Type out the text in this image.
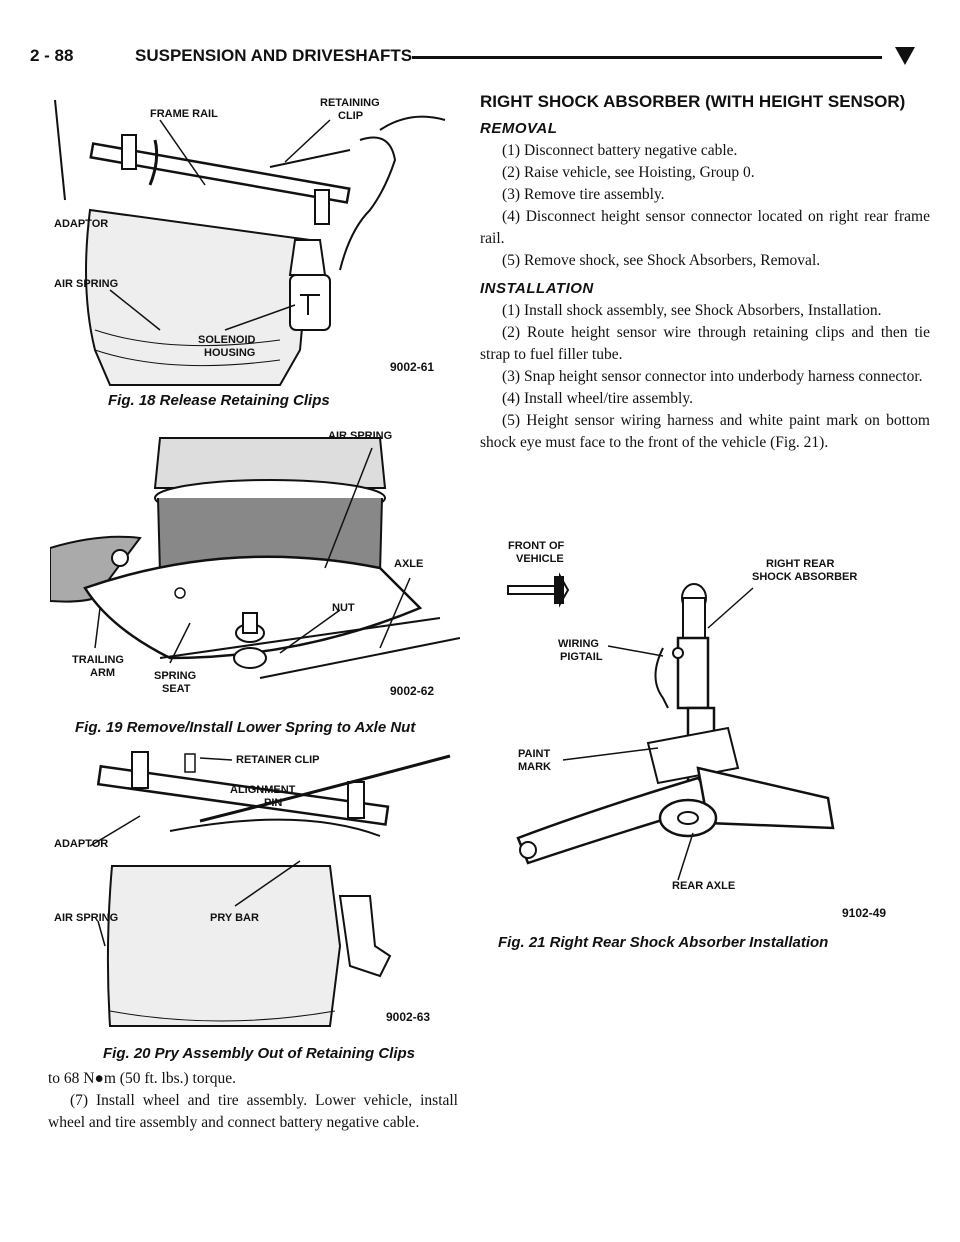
2 - 88	SUSPENSION AND DRIVESHAFTS
FRAME RAIL
RETAINING
CLIP
ADAPTOR
AIR SPRING
SOLENOID
HOUSING
9002-61
Fig. 18 Release Retaining Clips
AIR SPRING
AXLE
NUT
TRAILING
ARM	SPRING
SEAT	9002-62
Fig. 19 Remove/Install Lower Spring to Axle Nut
RETAINER CLIP
ALIGNMENT
PIN
ADAPTOR
AIR SPRING	PRY BAR
9002-63
Fig. 20 Pry Assembly Out of Retaining Clips

to 68 N●m (50 ft. lbs.) torque.

(7) Install wheel and tire assembly. Lower vehicle, install wheel and tire assembly and connect battery negative cable.

RIGHT SHOCK ABSORBER (WITH HEIGHT SENSOR)
REMOVAL

(1) Disconnect battery negative cable.

(2) Raise vehicle, see Hoisting, Group 0.

(3) Remove tire assembly.

(4) Disconnect height sensor connector located on right rear frame rail.

(5) Remove shock, see Shock Absorbers, Removal.

INSTALLATION

(1) Install shock assembly, see Shock Absorbers, Installation.

(2) Route height sensor wire through retaining clips and then tie strap to fuel filler tube.

(3) Snap height sensor connector into underbody harness connector.

(4) Install wheel/tire assembly.

(5) Height sensor wiring harness and white paint mark on bottom shock eye must face to the front of the vehicle (Fig. 21).

FRONT OF
VEHICLE	RIGHT REAR
SHOCK ABSORBER
WIRING
PIGTAIL
PAINT
MARK
REAR AXLE
9102-49
Fig. 21 Right Rear Shock Absorber Installation
